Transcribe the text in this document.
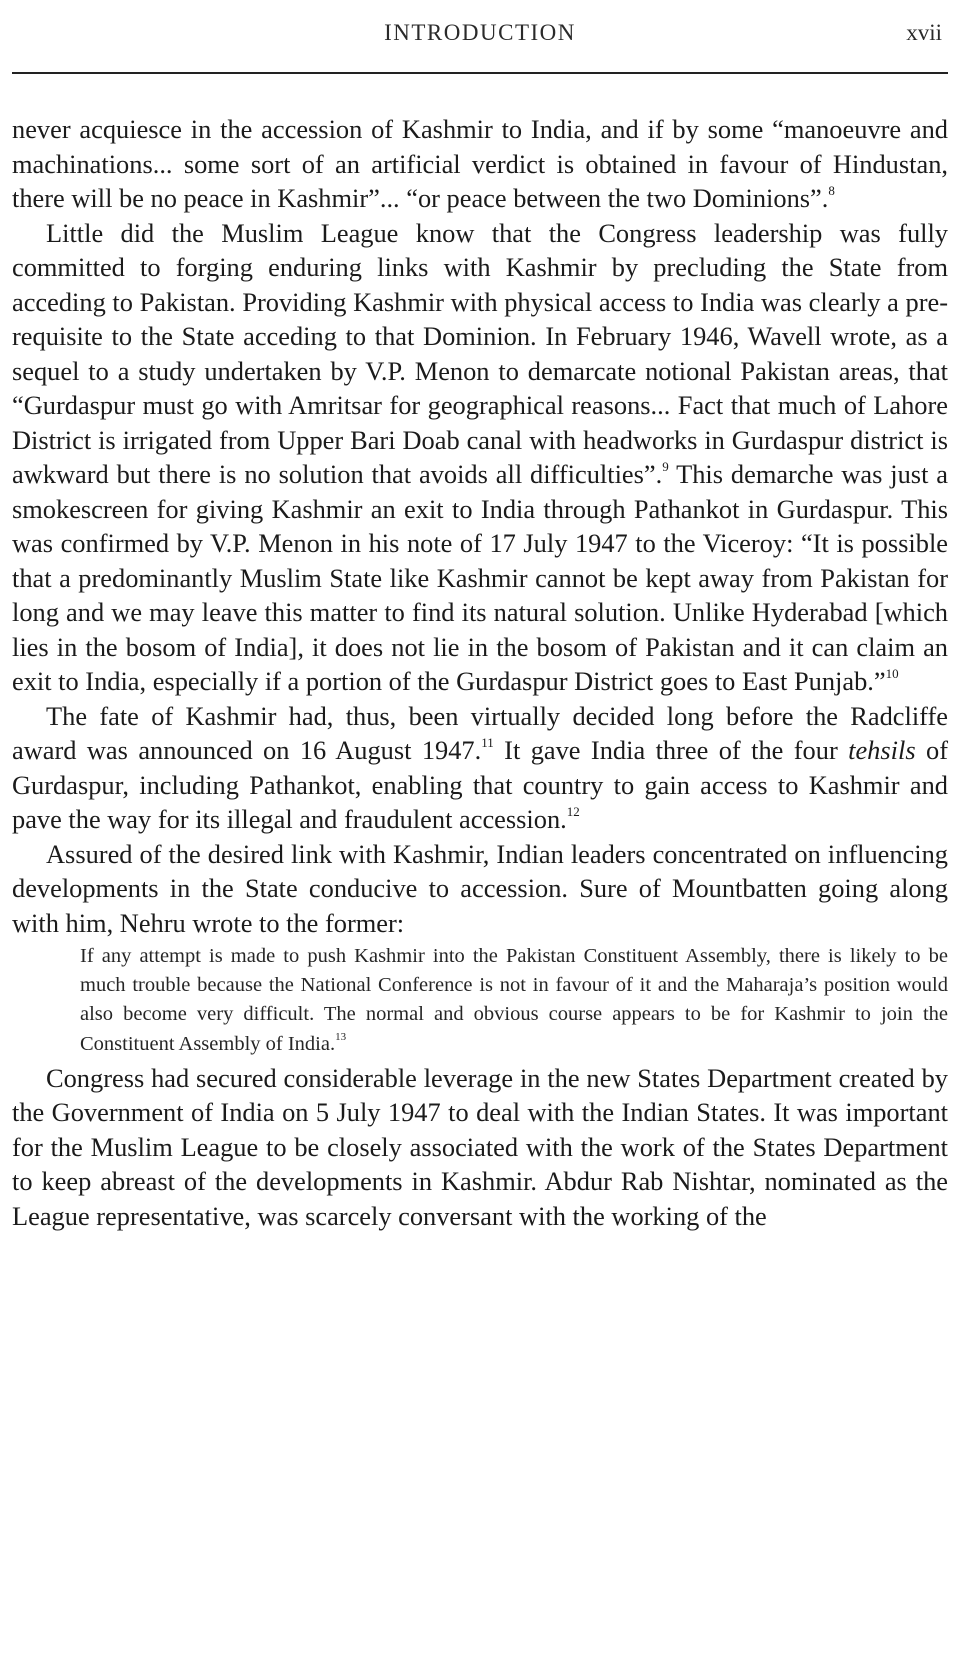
INTRODUCTION	xvii

never acquiesce in the accession of Kashmir to India, and if by some “manoeuvre and machinations... some sort of an artificial verdict is obtained in favour of Hindustan, there will be no peace in Kashmir”... “or peace between the two Dominions”.$^8$

Little did the Muslim League know that the Congress leadership was fully committed to forging enduring links with Kashmir by precluding the State from acceding to Pakistan. Providing Kashmir with physical access to India was clearly a pre-requisite to the State acceding to that Dominion. In February 1946, Wavell wrote, as a sequel to a study undertaken by V.P. Menon to demarcate notional Pakistan areas, that “Gurdaspur must go with Amritsar for geographical reasons... Fact that much of Lahore District is irrigated from Upper Bari Doab canal with headworks in Gurdaspur district is awkward but there is no solution that avoids all difficulties”.$^9$ This demarche was just a smokescreen for giving Kashmir an exit to India through Pathankot in Gurdaspur. This was confirmed by V.P. Menon in his note of 17 July 1947 to the Viceroy: “It is possible that a predominantly Muslim State like Kashmir cannot be kept away from Pakistan for long and we may leave this matter to find its natural solution. Unlike Hyderabad [which lies in the bosom of India], it does not lie in the bosom of Pakistan and it can claim an exit to India, especially if a portion of the Gurdaspur District goes to East Punjab.”$^{10}$

The fate of Kashmir had, thus, been virtually decided long before the Radcliffe award was announced on 16 August 1947.11 It gave India three of the four tehsils of Gurdaspur, including Pathankot, enabling that country to gain access to Kashmir and pave the way for its illegal and fraudulent accession.$^{12}$

Assured of the desired link with Kashmir, Indian leaders concentrated on influencing developments in the State conducive to accession. Sure of Mountbatten going along with him, Nehru wrote to the former:

If any attempt is made to push Kashmir into the Pakistan Constituent Assembly, there is likely to be much trouble because the National Conference is not in favour of it and the Maharaja’s position would also become very difficult. The normal and obvious course appears to be for Kashmir to join the Constituent Assembly of India.$^{13}$

Congress had secured considerable leverage in the new States Department created by the Government of India on 5 July 1947 to deal with the Indian States. It was important for the Muslim League to be closely associated with the work of the States Department to keep abreast of the developments in Kashmir. Abdur Rab Nishtar, nominated as the League representative, was scarcely conversant with the working of the
